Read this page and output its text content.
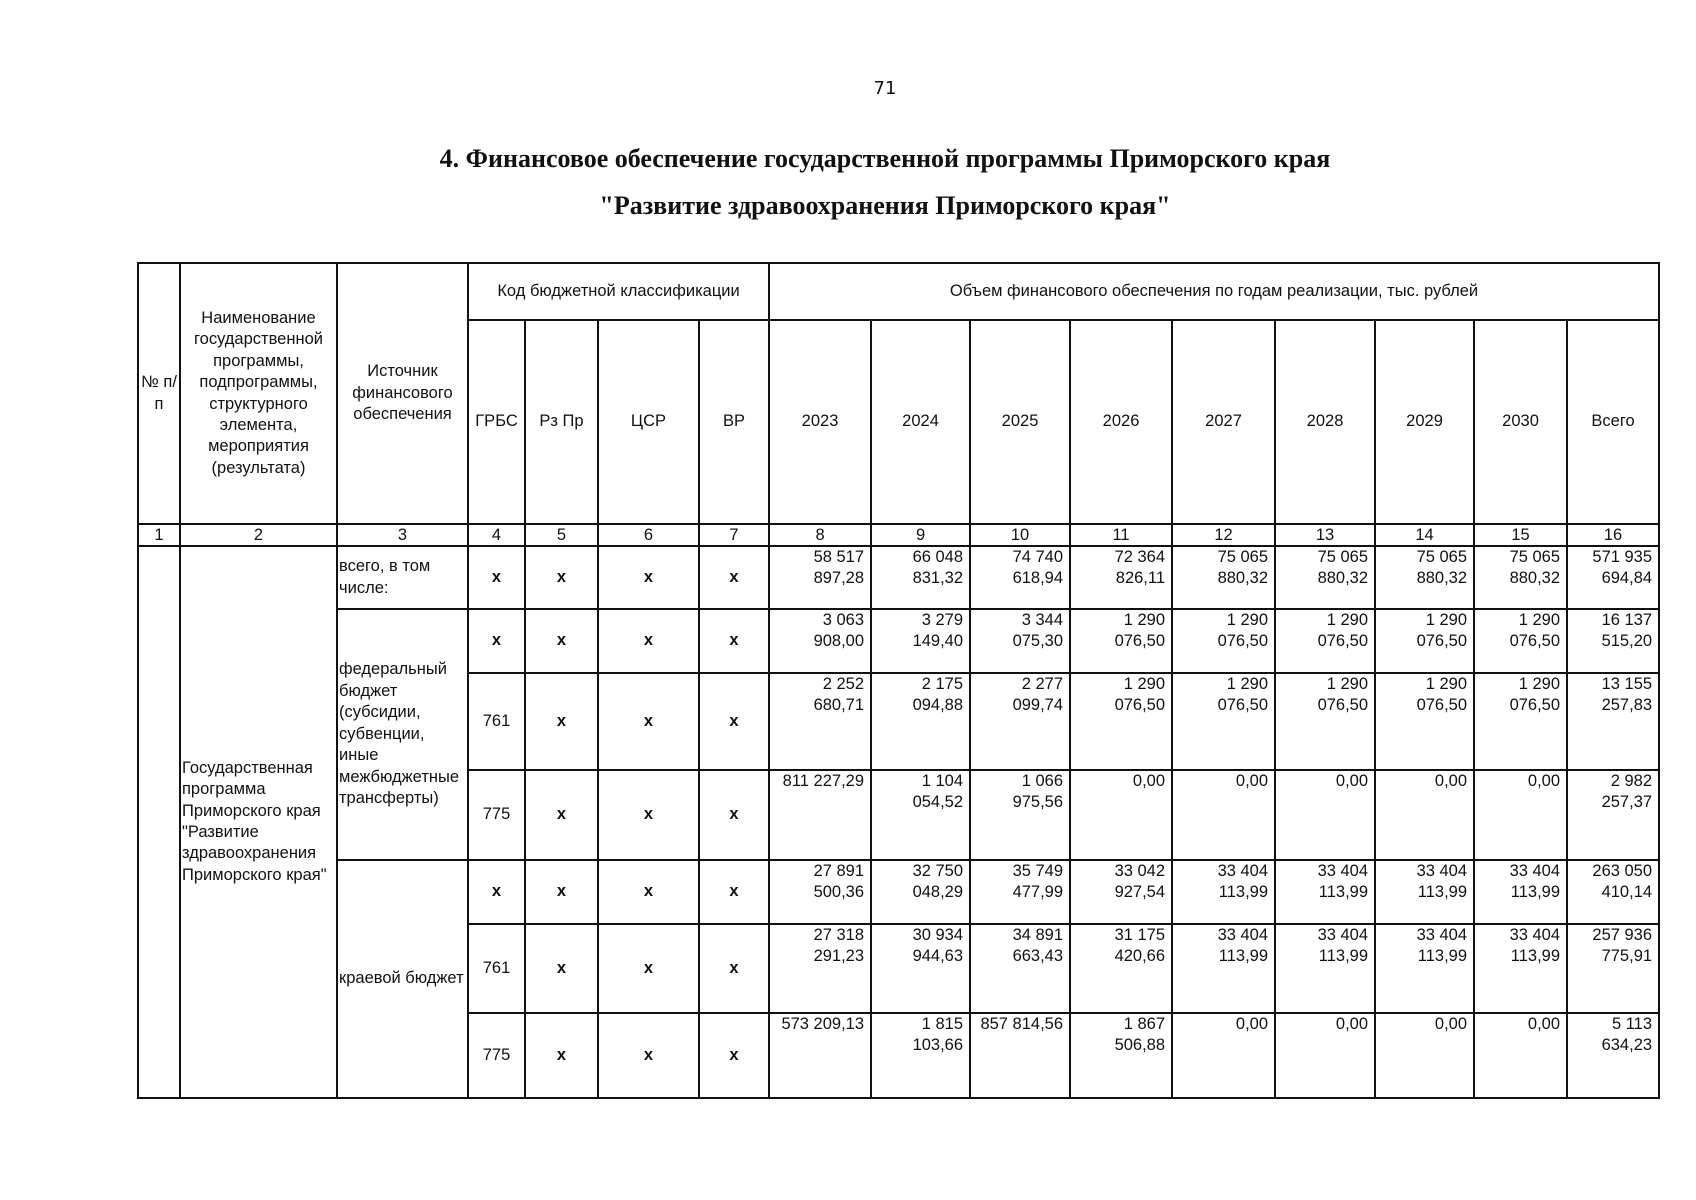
71
4. Финансовое обеспечение государственной программы Приморского края
"Развитие здравоохранения Приморского края"
№ п/п	Наименование государственной программы, подпрограммы, структурного элемента, мероприятия (результата)	Источник финансового обеспечения	Код бюджетной классификации				Объем финансового обеспечения по годам реализации, тыс. рублей								
			ГРБС	Рз Пр	ЦСР	ВР	2023	2024	2025	2026	2027	2028	2029	2030	Всего
1	2	3	4	5	6	7	8	9	10	11	12	13	14	15	16
	Государственная программа Приморского края "Развитие здравоохранения Приморского края"	всего, в том числе:	x	x	x	x	58 517 897,28	66 048 831,32	74 740 618,94	72 364 826,11	75 065 880,32	75 065 880,32	75 065 880,32	75 065 880,32	571 935 694,84
		федеральный бюджет (субсидии, субвенции, иные межбюджетные трансферты)	x	x	x	x	3 063 908,00	3 279 149,40	3 344 075,30	1 290 076,50	1 290 076,50	1 290 076,50	1 290 076,50	1 290 076,50	16 137 515,20
			761	x	x	x	2 252 680,71	2 175 094,88	2 277 099,74	1 290 076,50	1 290 076,50	1 290 076,50	1 290 076,50	1 290 076,50	13 155 257,83
			775	x	x	x	811 227,29	1 104 054,52	1 066 975,56	0,00	0,00	0,00	0,00	0,00	2 982 257,37
		краевой бюджет	x	x	x	x	27 891 500,36	32 750 048,29	35 749 477,99	33 042 927,54	33 404 113,99	33 404 113,99	33 404 113,99	33 404 113,99	263 050 410,14
			761	x	x	x	27 318 291,23	30 934 944,63	34 891 663,43	31 175 420,66	33 404 113,99	33 404 113,99	33 404 113,99	33 404 113,99	257 936 775,91
			775	x	x	x	573 209,13	1 815 103,66	857 814,56	1 867 506,88	0,00	0,00	0,00	0,00	5 113 634,23
